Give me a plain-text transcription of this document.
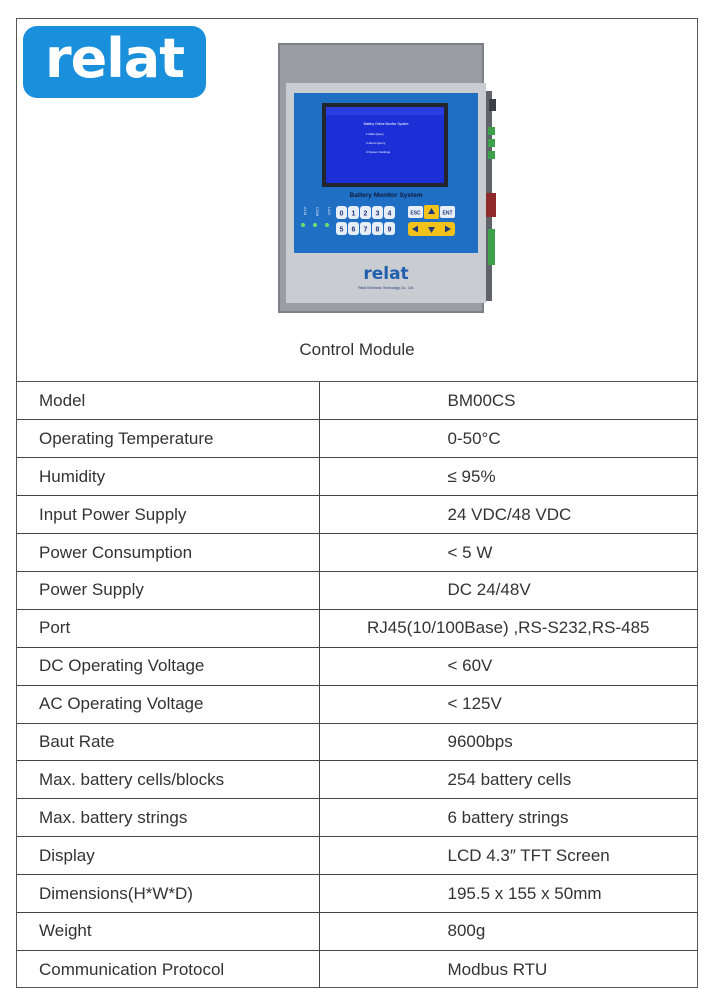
relat
Battery Online Monitor System
1.Data Query
2.Alarm Query
3.System Settings
Battery Monitor System
ALM COM LAN 0 1 2 3 4
5 6 7 8 9
ESC	ENT
relat
Relat Electronic Technology Co., Ltd.
Control Module
Model	BM00CS
Operating Temperature	0-50°C
Humidity	≤ 95%
Input Power Supply	24 VDC/48 VDC
Power Consumption	< 5 W
Power Supply	DC 24/48V
Port	RJ45(10/100Base) ,RS-S232,RS-485
DC Operating Voltage	< 60V
AC Operating Voltage	< 125V
Baut Rate	9600bps
Max. battery cells/blocks	254 battery cells
Max. battery strings	6 battery strings
Display	LCD 4.3″ TFT Screen
Dimensions(H*W*D)	195.5 x 155 x 50mm
Weight	800g
Communication Protocol	Modbus RTU
